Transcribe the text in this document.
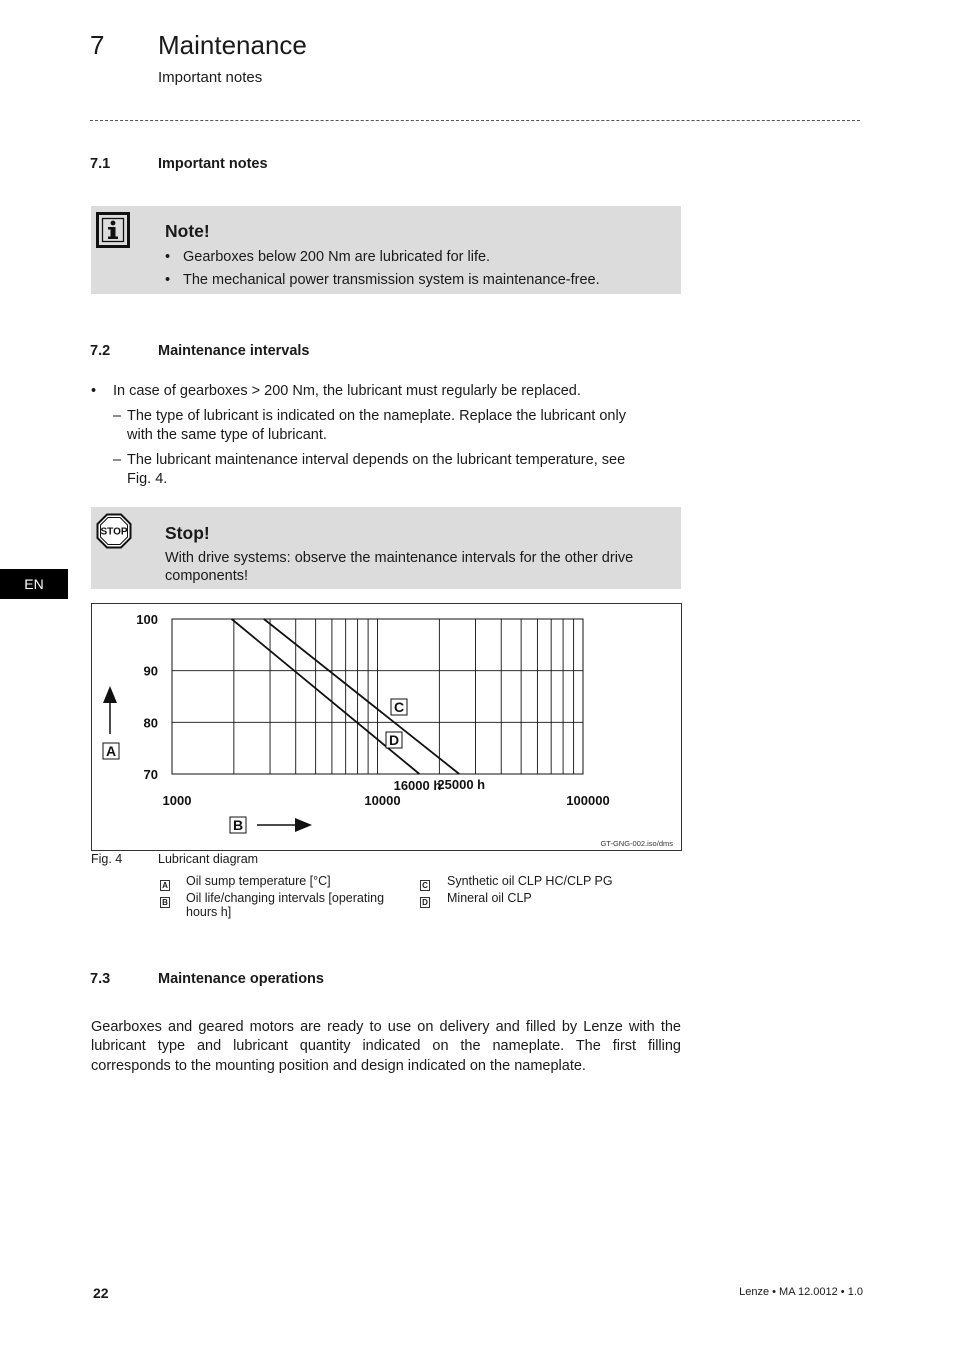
7 Maintenance
Important notes
EN
7.1	Important notes
Note!
• Gearboxes below 200 Nm are lubricated for life.
• The mechanical power transmission system is maintenance-free.
7.2	Maintenance intervals
• In case of gearboxes > 200 Nm, the lubricant must regularly be replaced.
– The type of lubricant is indicated on the nameplate. Replace the lubricant only
with the same type of lubricant.
– The lubricant maintenance interval depends on the lubricant temperature, see
Fig. 4.
STOP Stop!
With drive systems: observe the maintenance intervals for the other drive
components!
100
90
80
70
1000	10000	100000
16000 h
25000 h
C
D
A
B
GT-GNG-002.iso/dms
Fig. 4	Lubricant diagram
A Oil sump temperature [°C]
B Oil life/changing intervals [operating
hours h]
C Synthetic oil CLP HC/CLP PG
D Mineral oil CLP
7.3	Maintenance operations
Gearboxes and geared motors are ready to use on delivery and filled by Lenze with the
lubricant type and lubricant quantity indicated on the nameplate. The first filling
corresponds to the mounting position and design indicated on the nameplate.
22	Lenze • MA 12.0012 • 1.0
